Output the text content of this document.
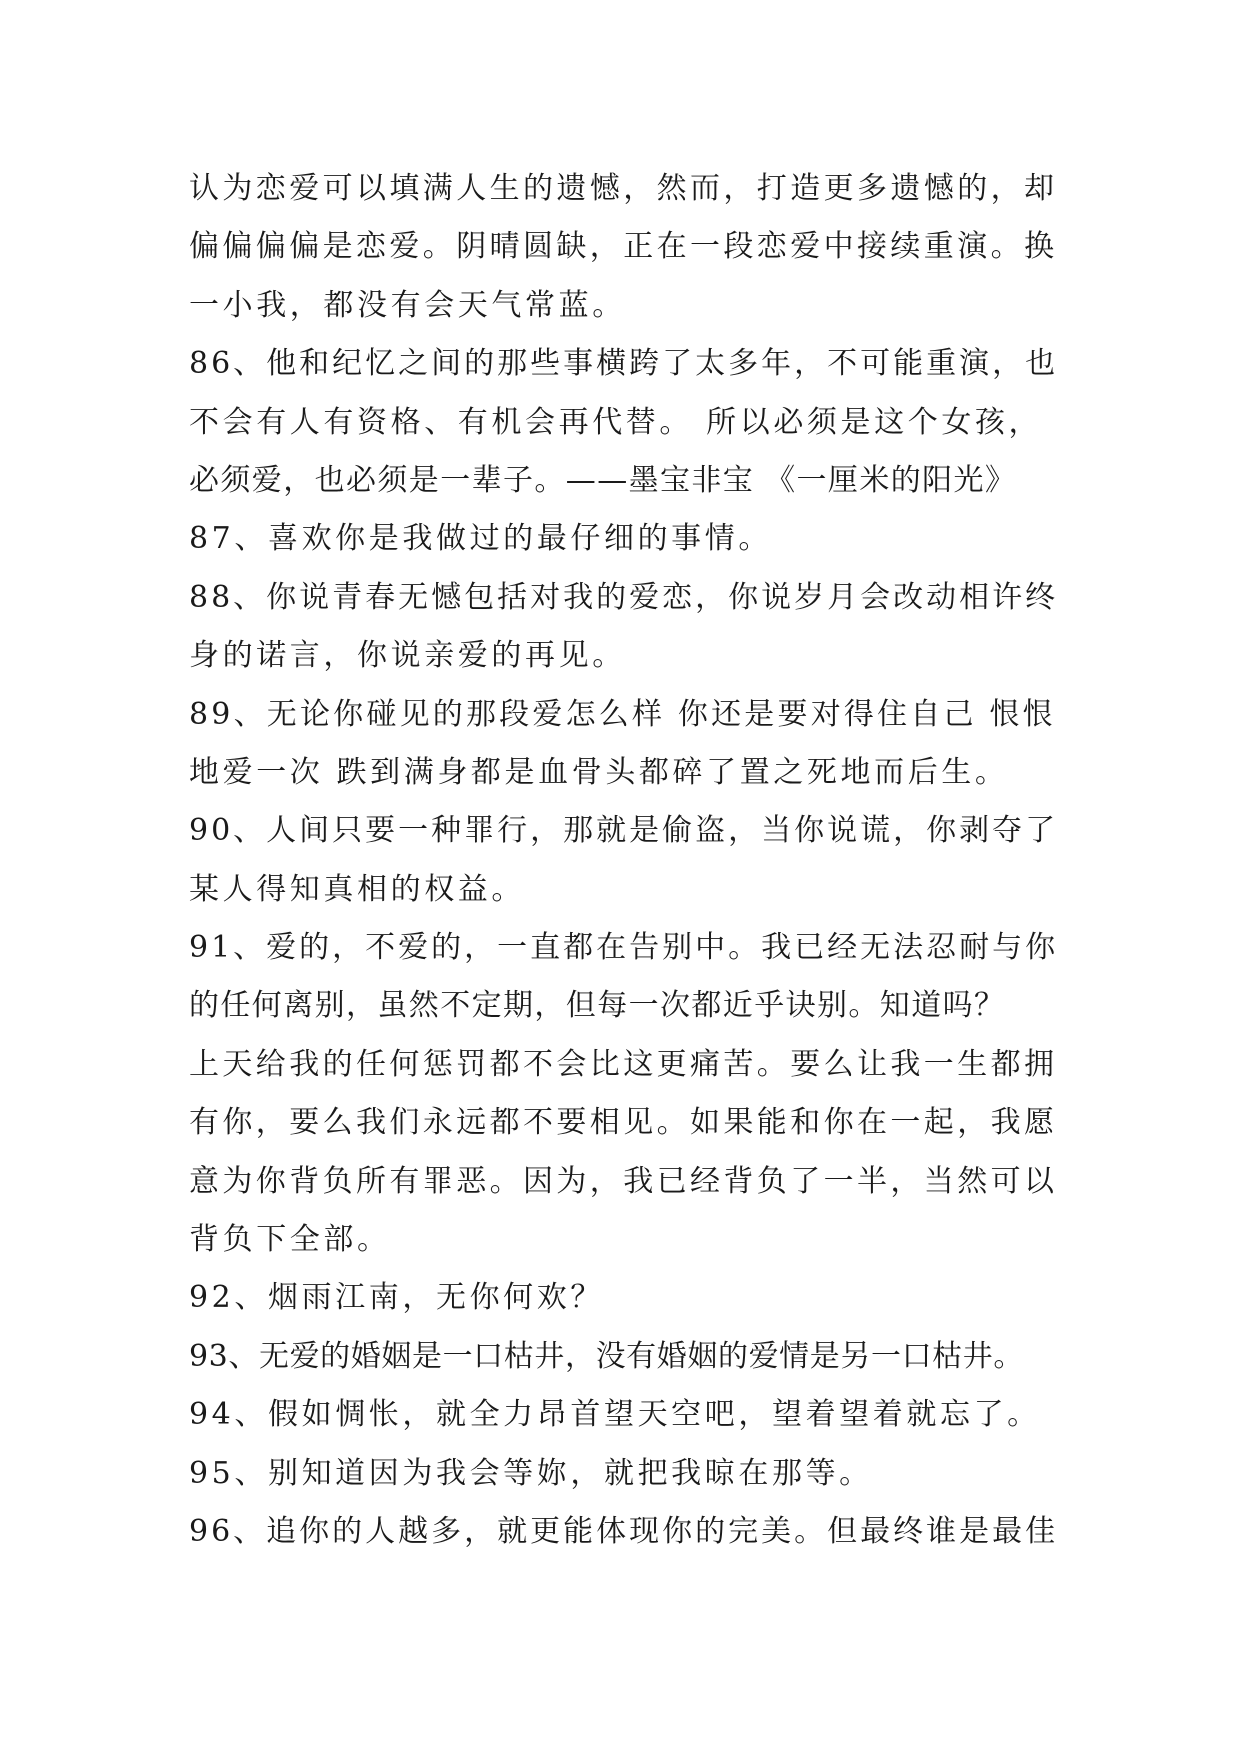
认为恋爱可以填满人生的遗憾，然而，打造更多遗憾的，却
偏偏偏偏是恋爱。阴晴圆缺，正在一段恋爱中接续重演。换
一小我，都没有会天气常蓝。
86、他和纪忆之间的那些事横跨了太多年，不可能重演，也
不会有人有资格、有机会再代替。 所以必须是这个女孩，
必须爱，也必须是一辈子。——墨宝非宝 《一厘米的阳光》
87、喜欢你是我做过的最仔细的事情。
88、你说青春无憾包括对我的爱恋，你说岁月会改动相许终
身的诺言，你说亲爱的再见。
89、无论你碰见的那段爱怎么样 你还是要对得住自己 恨恨
地爱一次 跌到满身都是血骨头都碎了置之死地而后生。
90、人间只要一种罪行，那就是偷盗，当你说谎，你剥夺了
某人得知真相的权益。
91、爱的，不爱的，一直都在告别中。我已经无法忍耐与你
的任何离别，虽然不定期，但每一次都近乎诀别。知道吗？
上天给我的任何惩罚都不会比这更痛苦。要么让我一生都拥
有你，要么我们永远都不要相见。如果能和你在一起，我愿
意为你背负所有罪恶。因为，我已经背负了一半，当然可以
背负下全部。
92、烟雨江南，无你何欢？
93、无爱的婚姻是一口枯井，没有婚姻的爱情是另一口枯井。
94、假如惆怅，就全力昂首望天空吧，望着望着就忘了。
95、别知道因为我会等妳，就把我晾在那等。
96、追你的人越多，就更能体现你的完美。但最终谁是最佳
